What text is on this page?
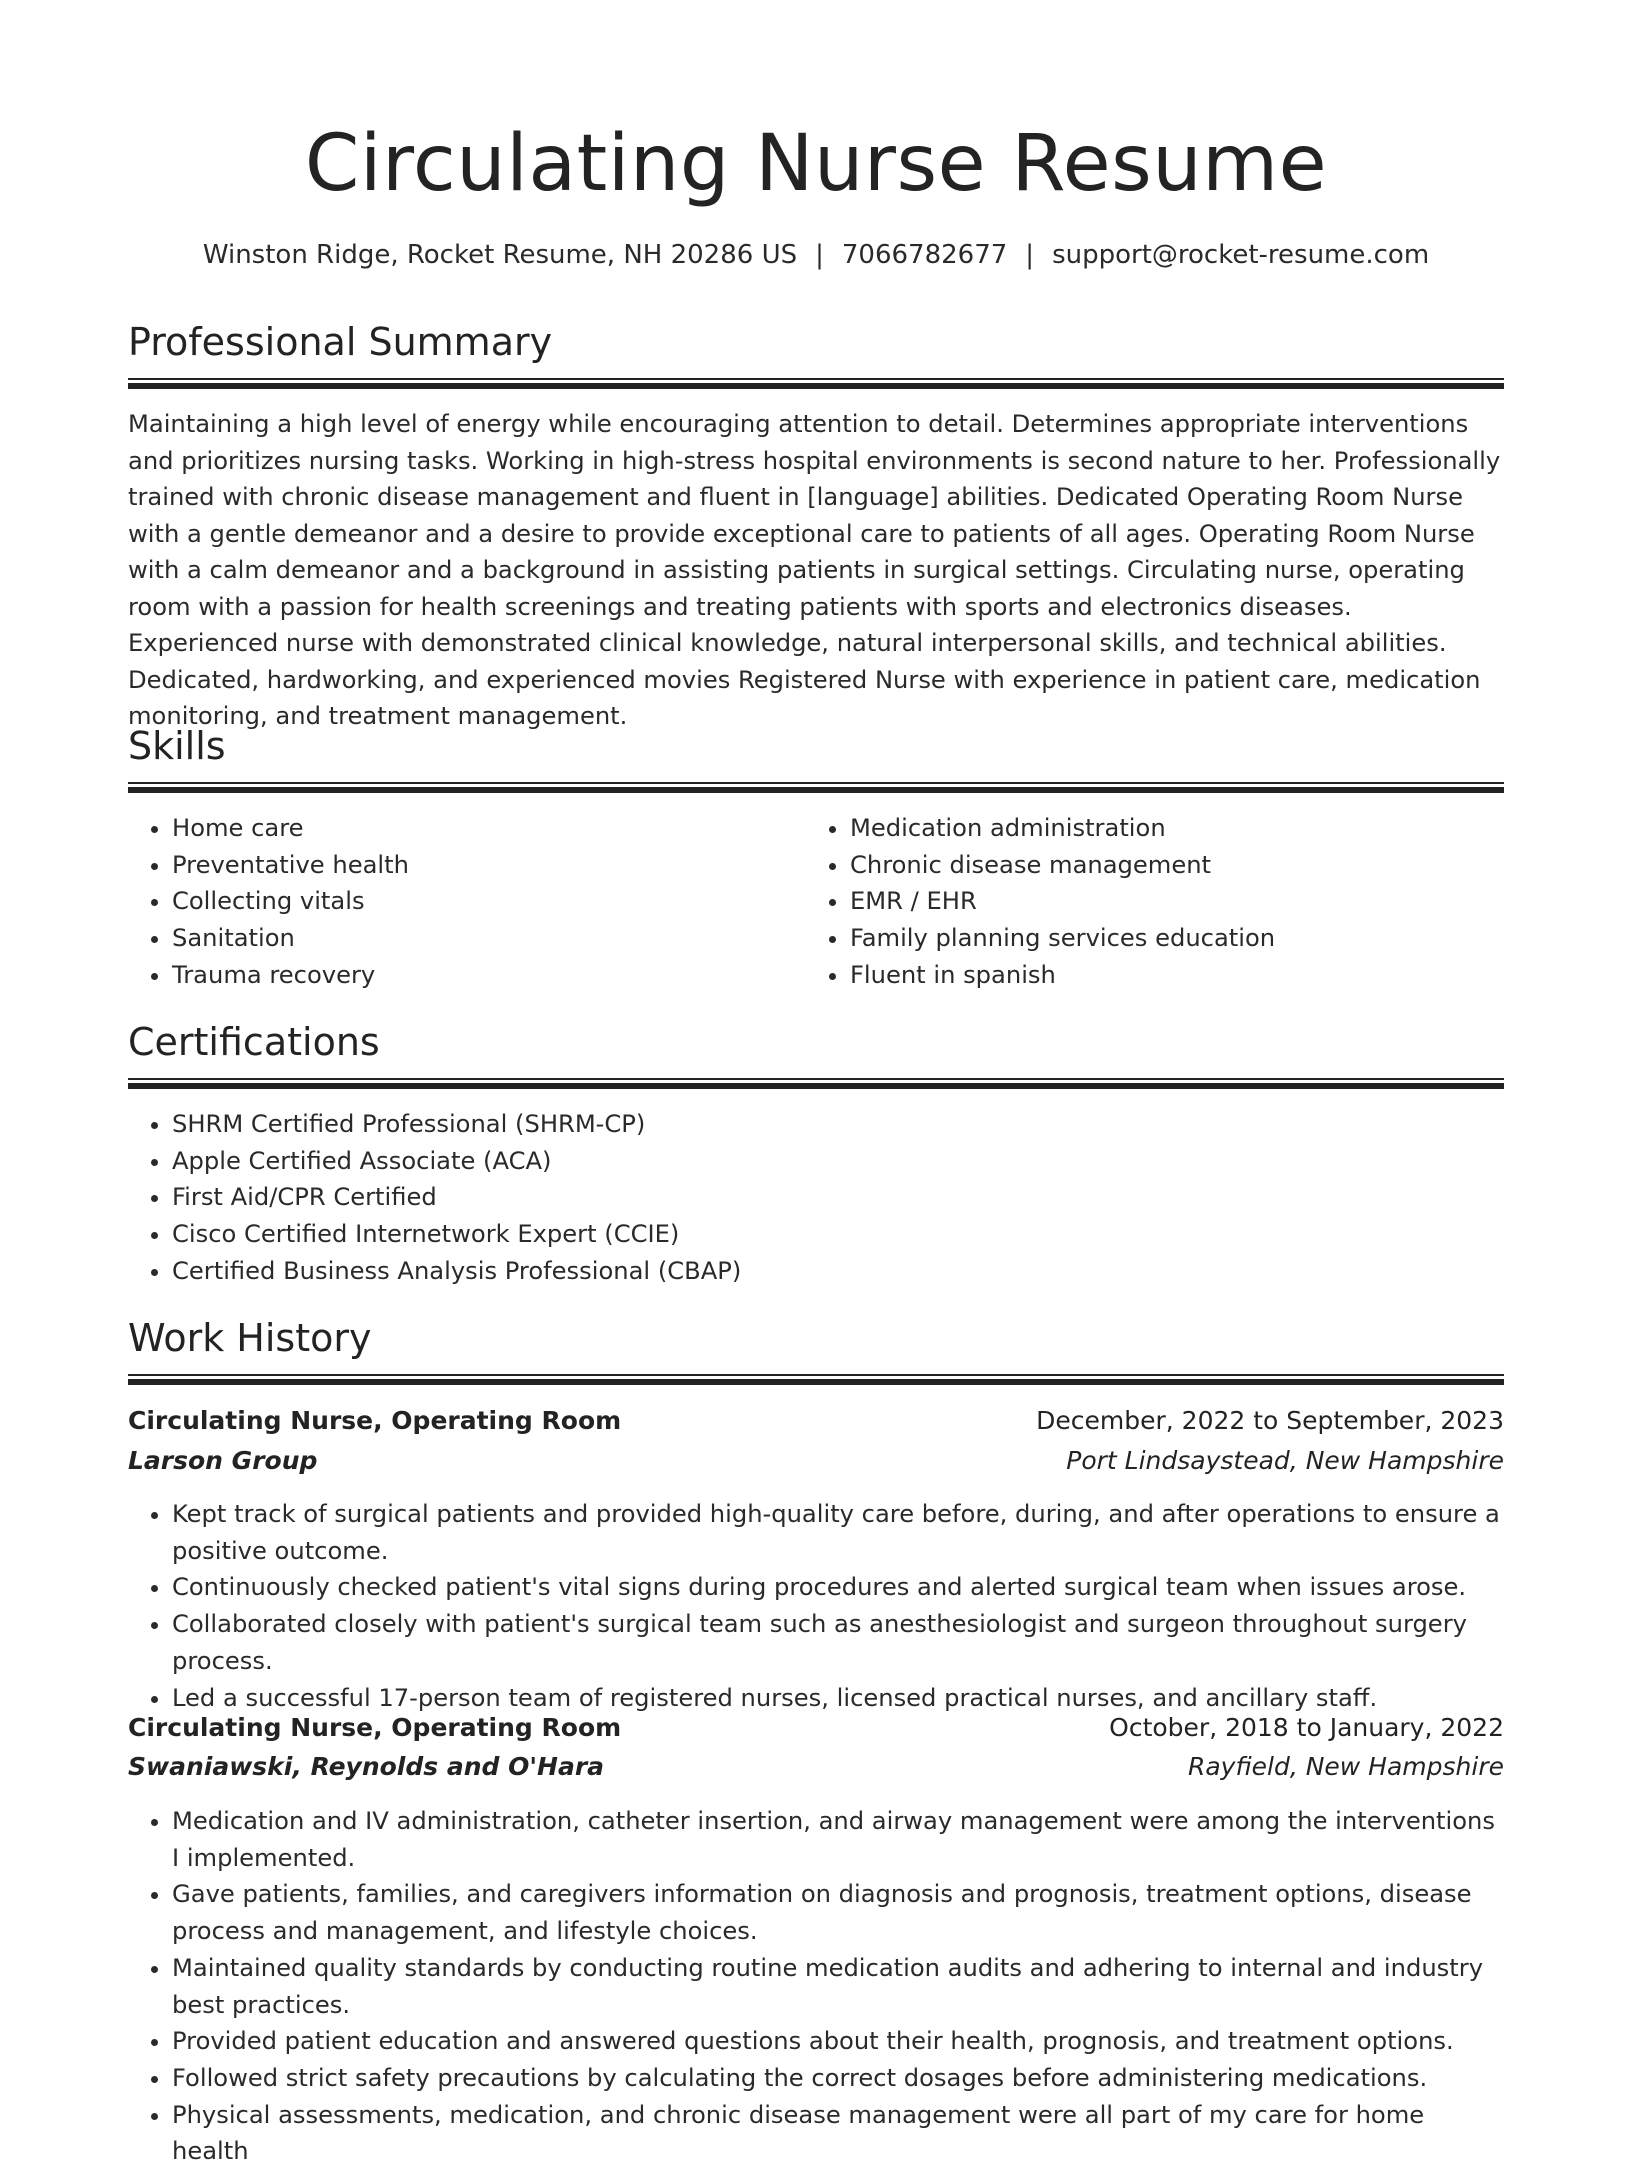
Circulating Nurse Resume
Winston Ridge, Rocket Resume, NH 20286 US | 7066782677 | support@rocket-resume.com
Professional Summary

Maintaining a high level of energy while encouraging attention to detail. Determines appropriate interventions and prioritizes nursing tasks. Working in high-stress hospital environments is second nature to her. Professionally trained with chronic disease management and fluent in [language] abilities. Dedicated Operating Room Nurse with a gentle demeanor and a desire to provide exceptional care to patients of all ages. Operating Room Nurse with a calm demeanor and a background in assisting patients in surgical settings. Circulating nurse, operating room with a passion for health screenings and treating patients with sports and electronics diseases. Experienced nurse with demonstrated clinical knowledge, natural interpersonal skills, and technical abilities. Dedicated, hardworking, and experienced movies Registered Nurse with experience in patient care, medication monitoring, and treatment management.

Skills
• Home care
• Preventative health
• Collecting vitals
• Sanitation
• Trauma recovery
• Medication administration
• Chronic disease management
• EMR / EHR
• Family planning services education
• Fluent in spanish
Certifications
• SHRM Certified Professional (SHRM-CP)
• Apple Certified Associate (ACA)
• First Aid/CPR Certified
• Cisco Certified Internetwork Expert (CCIE)
• Certified Business Analysis Professional (CBAP)
Work History
Circulating Nurse, Operating Room	December, 2022 to September, 2023
Larson Group	Port Lindsaystead, New Hampshire
• Kept track of surgical patients and provided high-quality care before, during, and after operations to ensure a positive outcome.
• Continuously checked patient's vital signs during procedures and alerted surgical team when issues arose.
• Collaborated closely with patient's surgical team such as anesthesiologist and surgeon throughout surgery process.
• Led a successful 17-person team of registered nurses, licensed practical nurses, and ancillary staff.
Circulating Nurse, Operating Room	October, 2018 to January, 2022
Swaniawski, Reynolds and O'Hara	Rayfield, New Hampshire
• Medication and IV administration, catheter insertion, and airway management were among the interventions I implemented.
• Gave patients, families, and caregivers information on diagnosis and prognosis, treatment options, disease process and management, and lifestyle choices.
• Maintained quality standards by conducting routine medication audits and adhering to internal and industry best practices.
• Provided patient education and answered questions about their health, prognosis, and treatment options.
• Followed strict safety precautions by calculating the correct dosages before administering medications.
• Physical assessments, medication, and chronic disease management were all part of my care for home health
